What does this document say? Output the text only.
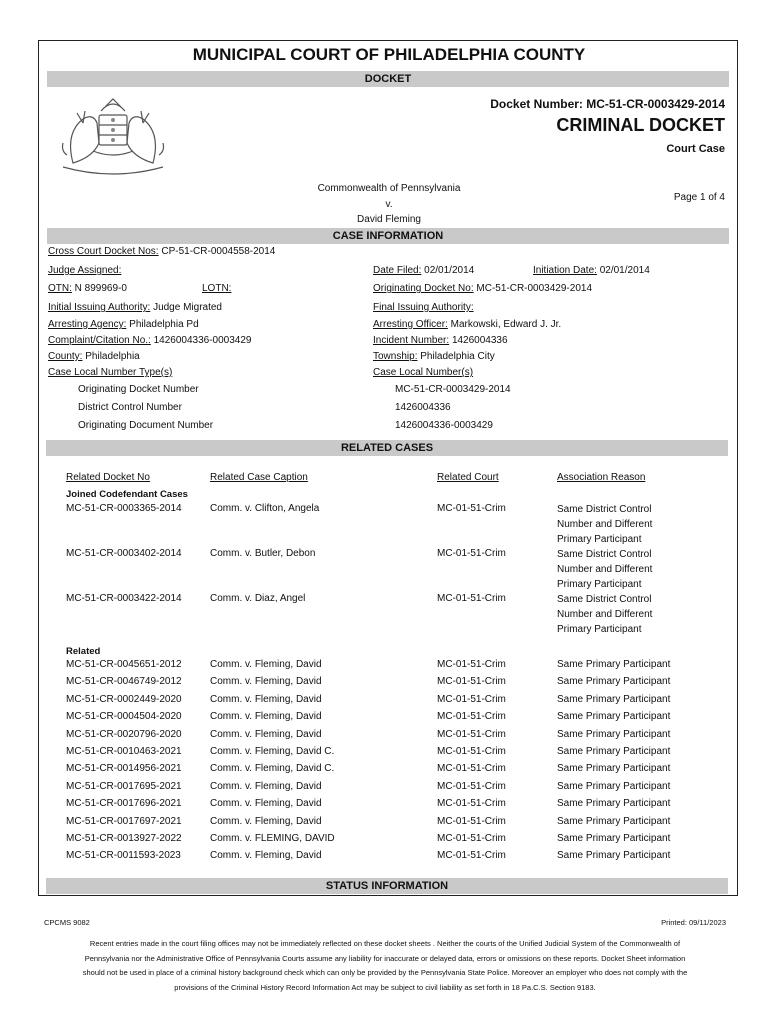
MUNICIPAL COURT OF PHILADELPHIA COUNTY
DOCKET
Docket Number: MC-51-CR-0003429-2014
CRIMINAL DOCKET
Court Case
Commonwealth of Pennsylvania
v.
David Fleming
Page 1 of 4
CASE INFORMATION
Cross Court Docket Nos: CP-51-CR-0004558-2014
Judge Assigned:	Date Filed: 02/01/2014	Initiation Date: 02/01/2014
OTN: N 899969-0	LOTN:	Originating Docket No: MC-51-CR-0003429-2014
Initial Issuing Authority: Judge Migrated	Final Issuing Authority:
Arresting Agency: Philadelphia Pd	Arresting Officer: Markowski, Edward J. Jr.
Complaint/Citation No.: 1426004336-0003429	Incident Number: 1426004336
County: Philadelphia	Township: Philadelphia City
Case Local Number Type(s)	Case Local Number(s)
Originating Docket Number	MC-51-CR-0003429-2014
District Control Number	1426004336
Originating Document Number	1426004336-0003429
RELATED CASES
Related Docket No	Related Case Caption	Related Court	Association Reason
Joined Codefendant Cases
MC-51-CR-0003365-2014	Comm. v. Clifton, Angela	MC-01-51-Crim	Same District Control
Number and Different
Primary Participant
MC-51-CR-0003402-2014	Comm. v. Butler, Debon	MC-01-51-Crim	Same District Control
Number and Different
Primary Participant
MC-51-CR-0003422-2014	Comm. v. Diaz, Angel	MC-01-51-Crim	Same District Control
Number and Different
Primary Participant
Related
MC-51-CR-0045651-2012	Comm. v. Fleming, David	MC-01-51-Crim	Same Primary Participant
MC-51-CR-0046749-2012	Comm. v. Fleming, David	MC-01-51-Crim	Same Primary Participant
MC-51-CR-0002449-2020	Comm. v. Fleming, David	MC-01-51-Crim	Same Primary Participant
MC-51-CR-0004504-2020	Comm. v. Fleming, David	MC-01-51-Crim	Same Primary Participant
MC-51-CR-0020796-2020	Comm. v. Fleming, David	MC-01-51-Crim	Same Primary Participant
MC-51-CR-0010463-2021	Comm. v. Fleming, David C.	MC-01-51-Crim	Same Primary Participant
MC-51-CR-0014956-2021	Comm. v. Fleming, David C.	MC-01-51-Crim	Same Primary Participant
MC-51-CR-0017695-2021	Comm. v. Fleming, David	MC-01-51-Crim	Same Primary Participant
MC-51-CR-0017696-2021	Comm. v. Fleming, David	MC-01-51-Crim	Same Primary Participant
MC-51-CR-0017697-2021	Comm. v. Fleming, David	MC-01-51-Crim	Same Primary Participant
MC-51-CR-0013927-2022	Comm. v. FLEMING, DAVID	MC-01-51-Crim	Same Primary Participant
MC-51-CR-0011593-2023	Comm. v. Fleming, David	MC-01-51-Crim	Same Primary Participant
STATUS INFORMATION
CPCMS 9082	Printed: 09/11/2023
Recent entries made in the court filing offices may not be immediately reflected on these docket sheets . Neither the courts of the Unified Judicial System of the Commonwealth of Pennsylvania nor the Administrative Office of Pennsylvania Courts assume any liability for inaccurate or delayed data, errors or omissions on these reports. Docket Sheet information should not be used in place of a criminal history background check which can only be provided by the Pennsylvania State Police. Moreover an employer who does not comply with the provisions of the Criminal History Record Information Act may be subject to civil liability as set forth in 18 Pa.C.S. Section 9183.
